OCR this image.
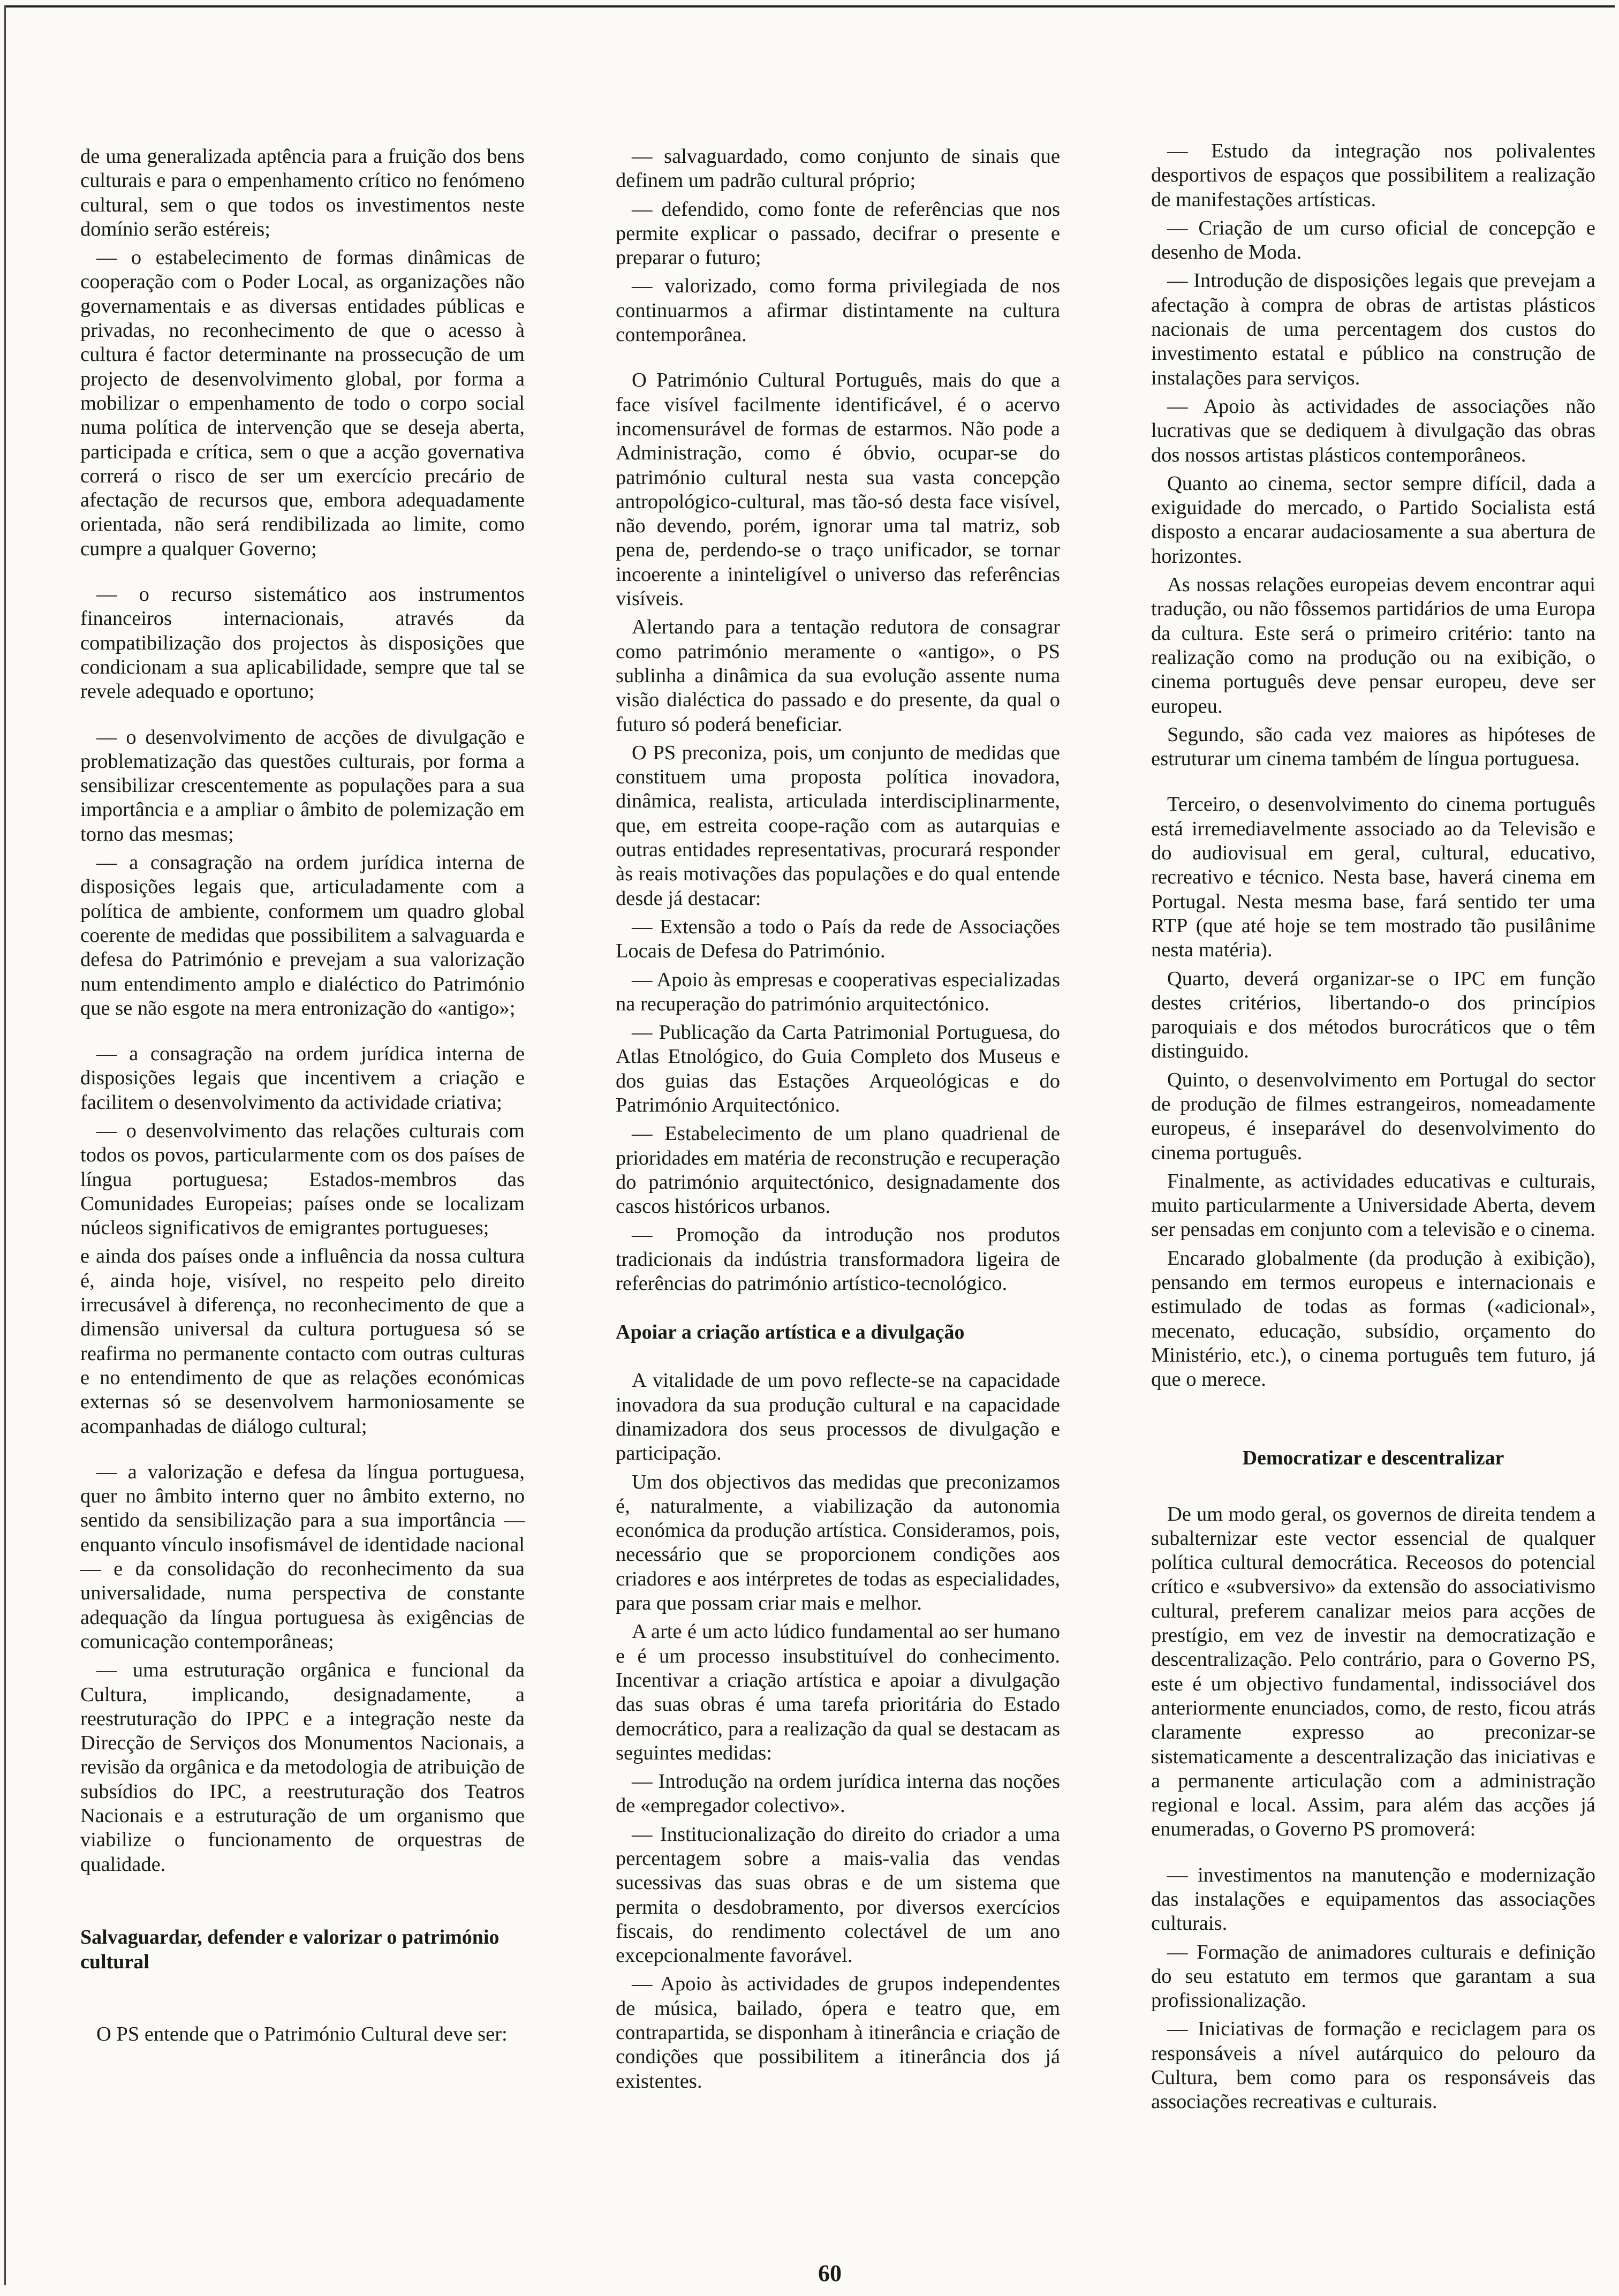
de uma generalizada aptência para a fruição dos bens culturais e para o empenhamento crítico no fenómeno cultural, sem o que todos os investimentos neste domínio serão estéreis;

— o estabelecimento de formas dinâmicas de cooperação com o Poder Local, as organizações não governamentais e as diversas entidades públicas e privadas, no reconhecimento de que o acesso à cultura é factor determinante na prossecução de um projecto de desenvolvimento global, por forma a mobilizar o empenhamento de todo o corpo social numa política de intervenção que se deseja aberta, participada e crítica, sem o que a acção governativa correrá o risco de ser um exercício precário de afectação de recursos que, embora adequadamente orientada, não será rendibilizada ao limite, como cumpre a qualquer Governo;

— o recurso sistemático aos instrumentos financeiros internacionais, através da compatibilização dos projectos às disposições que condicionam a sua aplicabilidade, sempre que tal se revele adequado e oportuno;

— o desenvolvimento de acções de divulgação e problematização das questões culturais, por forma a sensibilizar crescentemente as populações para a sua importância e a ampliar o âmbito de polemização em torno das mesmas;

— a consagração na ordem jurídica interna de disposições legais que, articuladamente com a política de ambiente, conformem um quadro global coerente de medidas que possibilitem a salvaguarda e defesa do Património e prevejam a sua valorização num entendimento amplo e dialéctico do Património que se não esgote na mera entronização do «antigo»;

— a consagração na ordem jurídica interna de disposições legais que incentivem a criação e facilitem o desenvolvimento da actividade criativa;

— o desenvolvimento das relações culturais com todos os povos, particularmente com os dos países de língua portuguesa; Estados-membros das Comunidades Europeias; países onde se localizam núcleos significativos de emigrantes portugueses;

e ainda dos países onde a influência da nossa cultura é, ainda hoje, visível, no respeito pelo direito irrecusável à diferença, no reconhecimento de que a dimensão universal da cultura portuguesa só se reafirma no permanente contacto com outras culturas e no entendimento de que as relações económicas externas só se desenvolvem harmoniosamente se acompanhadas de diálogo cultural;

— a valorização e defesa da língua portuguesa, quer no âmbito interno quer no âmbito externo, no sentido da sensibilização para a sua importância — enquanto vínculo insofismável de identidade nacional — e da consolidação do reconhecimento da sua universalidade, numa perspectiva de constante adequação da língua portuguesa às exigências de comunicação contemporâneas;

— uma estruturação orgânica e funcional da Cultura, implicando, designadamente, a reestruturação do IPPC e a integração neste da Direcção de Serviços dos Monumentos Nacionais, a revisão da orgânica e da metodologia de atribuição de subsídios do IPC, a reestruturação dos Teatros Nacionais e a estruturação de um organismo que viabilize o funcionamento de orquestras de qualidade.

Salvaguardar, defender e valorizar o património cultural

O PS entende que o Património Cultural deve ser:

— salvaguardado, como conjunto de sinais que definem um padrão cultural próprio;

— defendido, como fonte de referências que nos permite explicar o passado, decifrar o presente e preparar o futuro;

— valorizado, como forma privilegiada de nos continuarmos a afirmar distintamente na cultura contemporânea.

O Património Cultural Português, mais do que a face visível facilmente identificável, é o acervo incomensurável de formas de estarmos. Não pode a Administração, como é óbvio, ocupar-se do património cultural nesta sua vasta concepção antropológico-cultural, mas tão-só desta face visível, não devendo, porém, ignorar uma tal matriz, sob pena de, perdendo-se o traço unificador, se tornar incoerente a ininteligível o universo das referências visíveis.

Alertando para a tentação redutora de consagrar como património meramente o «antigo», o PS sublinha a dinâmica da sua evolução assente numa visão dialéctica do passado e do presente, da qual o futuro só poderá beneficiar.

O PS preconiza, pois, um conjunto de medidas que constituem uma proposta política inovadora, dinâmica, realista, articulada interdisciplinarmente, que, em estreita coope-ração com as autarquias e outras entidades representativas, procurará responder às reais motivações das populações e do qual entende desde já destacar:

— Extensão a todo o País da rede de Associações Locais de Defesa do Património.

— Apoio às empresas e cooperativas especializadas na recuperação do património arquitectónico.

— Publicação da Carta Patrimonial Portuguesa, do Atlas Etnológico, do Guia Completo dos Museus e dos guias das Estações Arqueológicas e do Património Arquitectónico.

— Estabelecimento de um plano quadrienal de prioridades em matéria de reconstrução e recuperação do património arquitectónico, designadamente dos cascos históricos urbanos.

— Promoção da introdução nos produtos tradicionais da indústria transformadora ligeira de referências do património artístico-tecnológico.

Apoiar a criação artística e a divulgação

A vitalidade de um povo reflecte-se na capacidade inovadora da sua produção cultural e na capacidade dinamizadora dos seus processos de divulgação e participação.

Um dos objectivos das medidas que preconizamos é, naturalmente, a viabilização da autonomia económica da produção artística. Consideramos, pois, necessário que se proporcionem condições aos criadores e aos intérpretes de todas as especialidades, para que possam criar mais e melhor.

A arte é um acto lúdico fundamental ao ser humano e é um processo insubstituível do conhecimento. Incentivar a criação artística e apoiar a divulgação das suas obras é uma tarefa prioritária do Estado democrático, para a realização da qual se destacam as seguintes medidas:

— Introdução na ordem jurídica interna das noções de «empregador colectivo».

— Institucionalização do direito do criador a uma percentagem sobre a mais-valia das vendas sucessivas das suas obras e de um sistema que permita o desdobramento, por diversos exercícios fiscais, do rendimento colectável de um ano excepcionalmente favorável.

— Apoio às actividades de grupos independentes de música, bailado, ópera e teatro que, em contrapartida, se disponham à itinerância e criação de condições que possibilitem a itinerância dos já existentes.

— Estudo da integração nos polivalentes desportivos de espaços que possibilitem a realização de manifestações artísticas.

— Criação de um curso oficial de concepção e desenho de Moda.

— Introdução de disposições legais que prevejam a afectação à compra de obras de artistas plásticos nacionais de uma percentagem dos custos do investimento estatal e público na construção de instalações para serviços.

— Apoio às actividades de associações não lucrativas que se dediquem à divulgação das obras dos nossos artistas plásticos contemporâneos.

Quanto ao cinema, sector sempre difícil, dada a exiguidade do mercado, o Partido Socialista está disposto a encarar audaciosamente a sua abertura de horizontes.

As nossas relações europeias devem encontrar aqui tradução, ou não fôssemos partidários de uma Europa da cultura. Este será o primeiro critério: tanto na realização como na produção ou na exibição, o cinema português deve pensar europeu, deve ser europeu.

Segundo, são cada vez maiores as hipóteses de estruturar um cinema também de língua portuguesa.

Terceiro, o desenvolvimento do cinema português está irremediavelmente associado ao da Televisão e do audiovisual em geral, cultural, educativo, recreativo e técnico. Nesta base, haverá cinema em Portugal. Nesta mesma base, fará sentido ter uma RTP (que até hoje se tem mostrado tão pusilânime nesta matéria).

Quarto, deverá organizar-se o IPC em função destes critérios, libertando-o dos princípios paroquiais e dos métodos burocráticos que o têm distinguido.

Quinto, o desenvolvimento em Portugal do sector de produção de filmes estrangeiros, nomeadamente europeus, é inseparável do desenvolvimento do cinema português.

Finalmente, as actividades educativas e culturais, muito particularmente a Universidade Aberta, devem ser pensadas em conjunto com a televisão e o cinema.

Encarado globalmente (da produção à exibição), pensando em termos europeus e internacionais e estimulado de todas as formas («adicional», mecenato, educação, subsídio, orçamento do Ministério, etc.), o cinema português tem futuro, já que o merece.

Democratizar e descentralizar

De um modo geral, os governos de direita tendem a subalternizar este vector essencial de qualquer política cultural democrática. Receosos do potencial crítico e «subversivo» da extensão do associativismo cultural, preferem canalizar meios para acções de prestígio, em vez de investir na democratização e descentralização. Pelo contrário, para o Governo PS, este é um objectivo fundamental, indissociável dos anteriormente enunciados, como, de resto, ficou atrás claramente expresso ao preconizar-se sistematicamente a descentralização das iniciativas e a permanente articulação com a administração regional e local. Assim, para além das acções já enumeradas, o Governo PS promoverá:

— investimentos na manutenção e modernização das instalações e equipamentos das associações culturais.

— Formação de animadores culturais e definição do seu estatuto em termos que garantam a sua profissionalização.

— Iniciativas de formação e reciclagem para os responsáveis a nível autárquico do pelouro da Cultura, bem como para os responsáveis das associações recreativas e culturais.

60
